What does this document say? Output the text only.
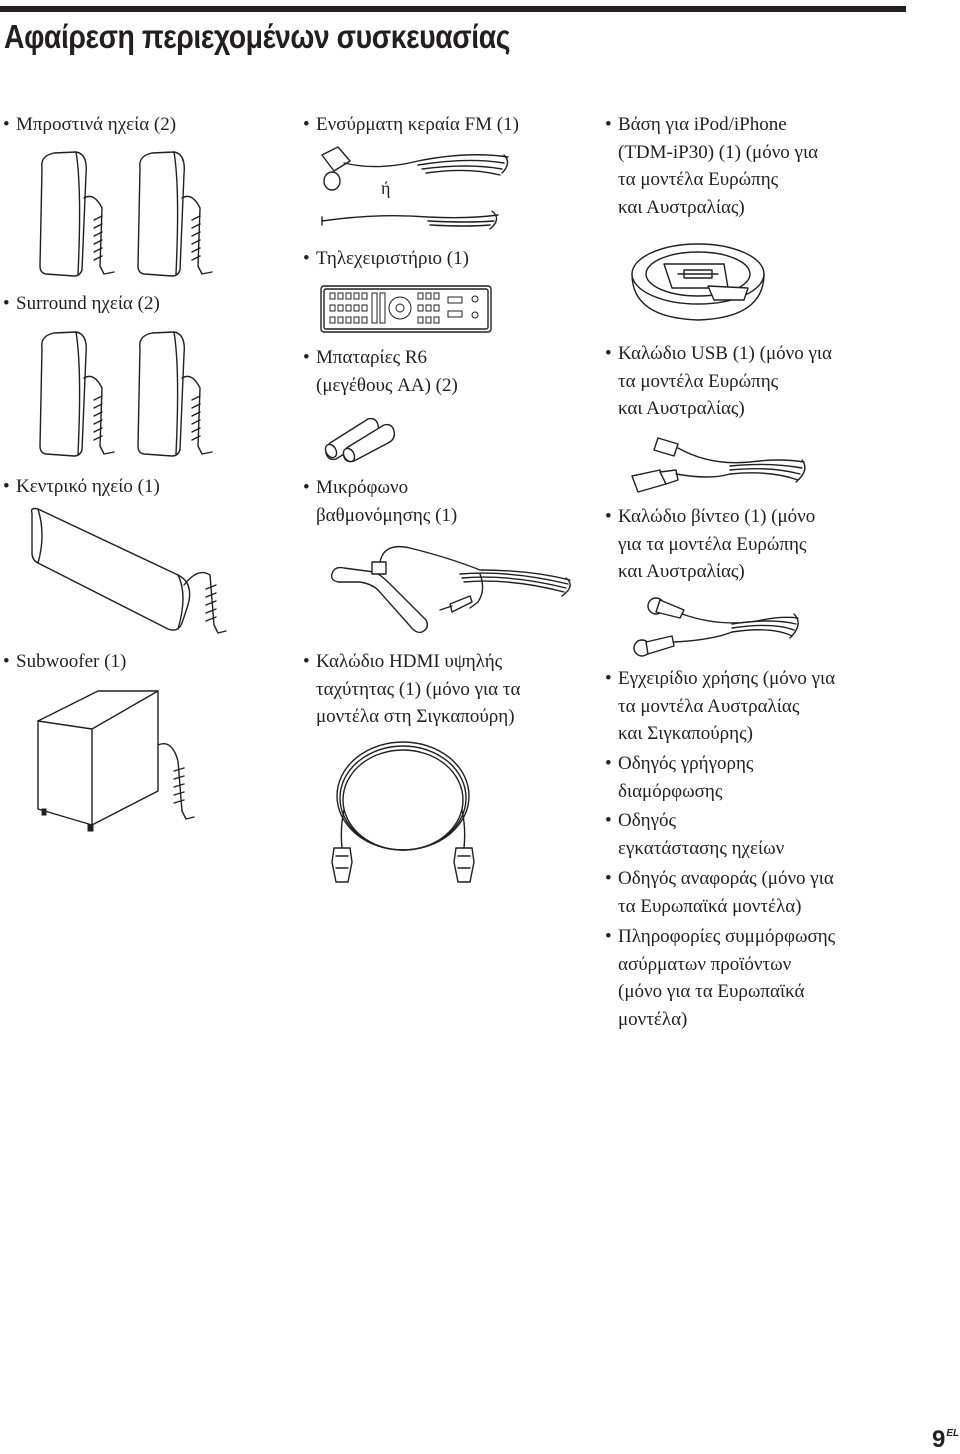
Αφαίρεση περιεχομένων συσκευασίας
• Μπροστινά ηχεία (2)
• Surround ηχεία (2)
• Κεντρικό ηχείο (1)
• Subwoofer (1)
• Ενσύρματη κεραία FM (1)
ή
• Τηλεχειριστήριο (1)
• Μπαταρίες R6
(μεγέθους AA) (2)
• Μικρόφωνο
βαθμονόμησης (1)
• Καλώδιο HDMI υψηλής
ταχύτητας (1) (μόνο για τα
μοντέλα στη Σιγκαπούρη)
• Βάση για iPod/iPhone
(TDM-iP30) (1) (μόνο για
τα μοντέλα Ευρώπης
και Αυστραλίας)
• Καλώδιο USB (1) (μόνο για
τα μοντέλα Ευρώπης
και Αυστραλίας)
• Καλώδιο βίντεο (1) (μόνο
για τα μοντέλα Ευρώπης
και Αυστραλίας)
• Εγχειρίδιο χρήσης (μόνο για
τα μοντέλα Αυστραλίας
και Σιγκαπούρης)
• Οδηγός γρήγορης
διαμόρφωσης
• Οδηγός
εγκατάστασης ηχείων
• Οδηγός αναφοράς (μόνο για
τα Ευρωπαϊκά μοντέλα)
• Πληροφορίες συμμόρφωσης
ασύρματων προϊόντων
(μόνο για τα Ευρωπαϊκά
μοντέλα)
$9^{EL}$
